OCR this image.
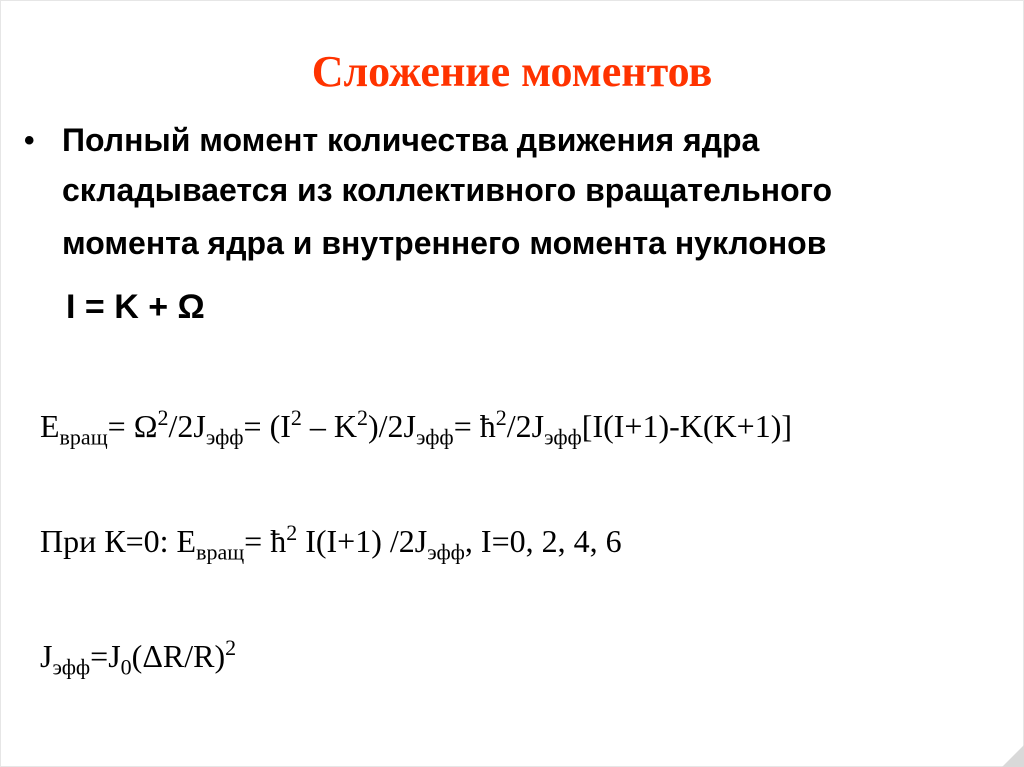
Сложение моментов
• Полный момент количества движения ядра
складывается из коллективного вращательного
момента ядра и внутреннего момента нуклонов
I = K + Ω
$E_{вращ}= \Omega^2/2J_{эфф}= (I^2 - K^2)/2J_{эфф}=$ $ħ^2/2J_{эфф}[I(I+1)-K(K+1)]$
При К=0: $E_{вращ}=$ $ħ^2$ I(I+1) $/2J_{эфф}$, I=0, 2, 4, 6
$J_{эфф}=J_0(\Delta R/R)^2$
